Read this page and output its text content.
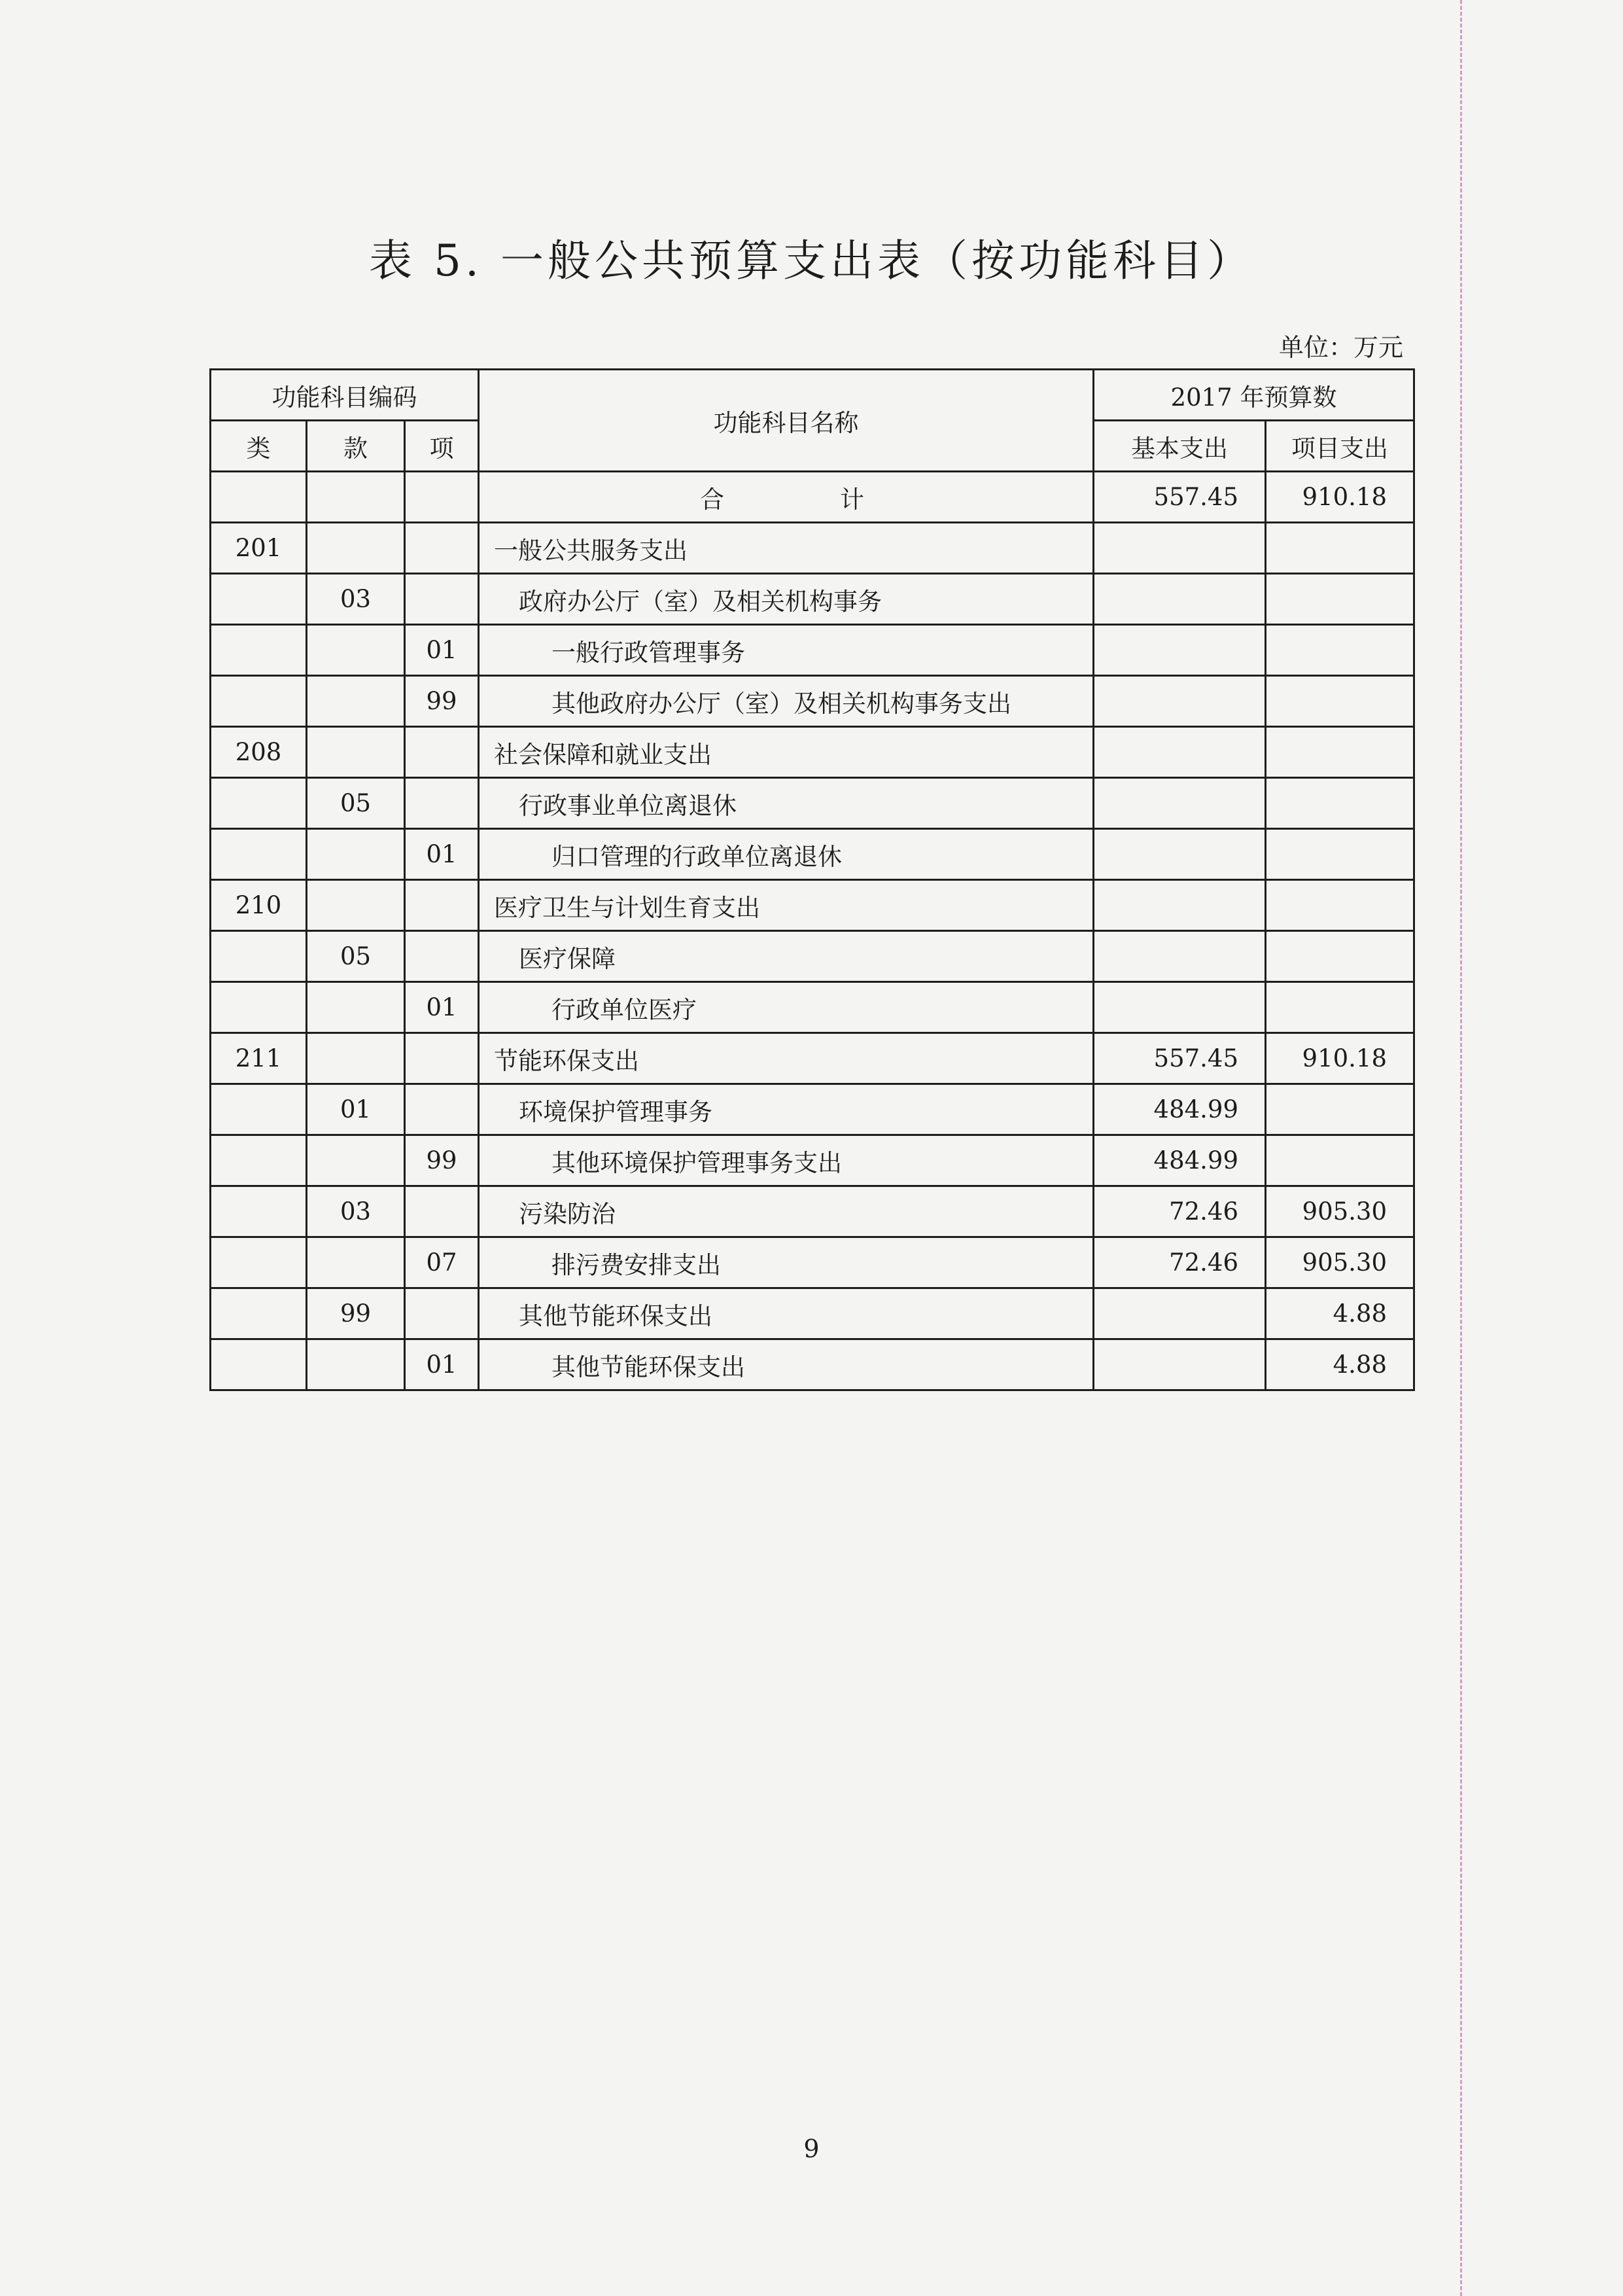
表 5. 一般公共预算支出表（按功能科目）
单位：万元
功能科目编码			功能科目名称	2017 年预算数	
类	款	项		基本支出	项目支出
			合　计	557.45	910.18
201			一般公共服务支出		
	03		政府办公厅（室）及相关机构事务		
		01	一般行政管理事务		
		99	其他政府办公厅（室）及相关机构事务支出		
208			社会保障和就业支出		
	05		行政事业单位离退休		
		01	归口管理的行政单位离退休		
210			医疗卫生与计划生育支出		
	05		医疗保障		
		01	行政单位医疗		
211			节能环保支出	557.45	910.18
	01		环境保护管理事务	484.99	
		99	其他环境保护管理事务支出	484.99	
	03		污染防治	72.46	905.30
		07	排污费安排支出	72.46	905.30
	99		其他节能环保支出		4.88
		01	其他节能环保支出		4.88
9
